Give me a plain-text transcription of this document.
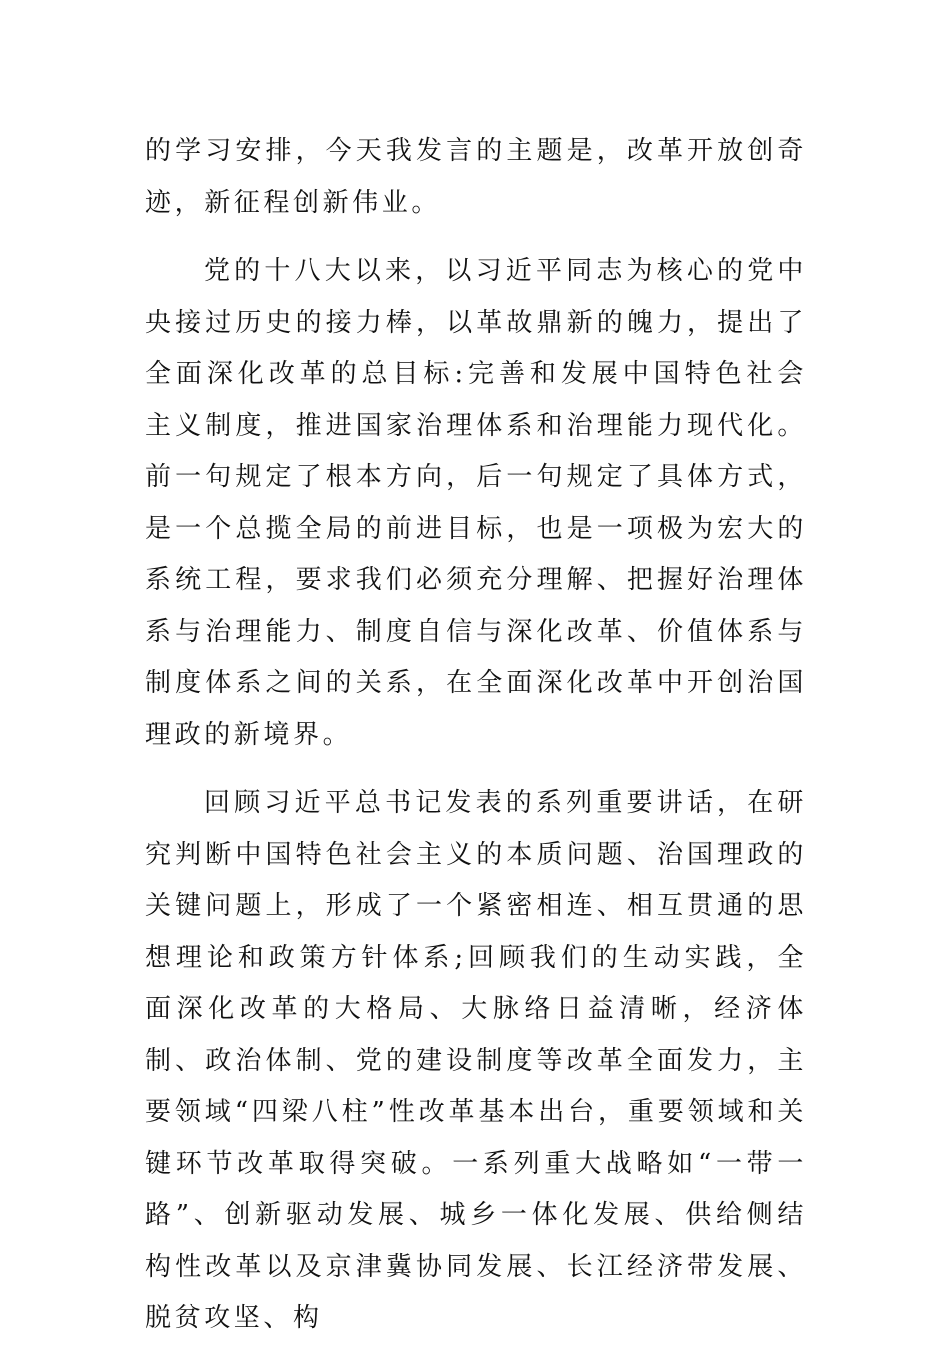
的学习安排，今天我发言的主题是，改革开放创奇迹，新征程创新伟业。

党的十八大以来，以习近平同志为核心的党中央接过历史的接力棒，以革故鼎新的魄力，提出了全面深化改革的总目标:完善和发展中国特色社会主义制度，推进国家治理体系和治理能力现代化。前一句规定了根本方向，后一句规定了具体方式，是一个总揽全局的前进目标，也是一项极为宏大的系统工程，要求我们必须充分理解、把握好治理体系与治理能力、制度自信与深化改革、价值体系与制度体系之间的关系，在全面深化改革中开创治国理政的新境界。

回顾习近平总书记发表的系列重要讲话，在研究判断中国特色社会主义的本质问题、治国理政的关键问题上，形成了一个紧密相连、相互贯通的思想理论和政策方针体系;回顾我们的生动实践，全面深化改革的大格局、大脉络日益清晰，经济体制、政治体制、党的建设制度等改革全面发力，主要领域“四梁八柱”性改革基本出台，重要领域和关键环节改革取得突破。一系列重大战略如“一带一路”、创新驱动发展、城乡一体化发展、供给侧结构性改革以及京津冀协同发展、长江经济带发展、脱贫攻坚、构
